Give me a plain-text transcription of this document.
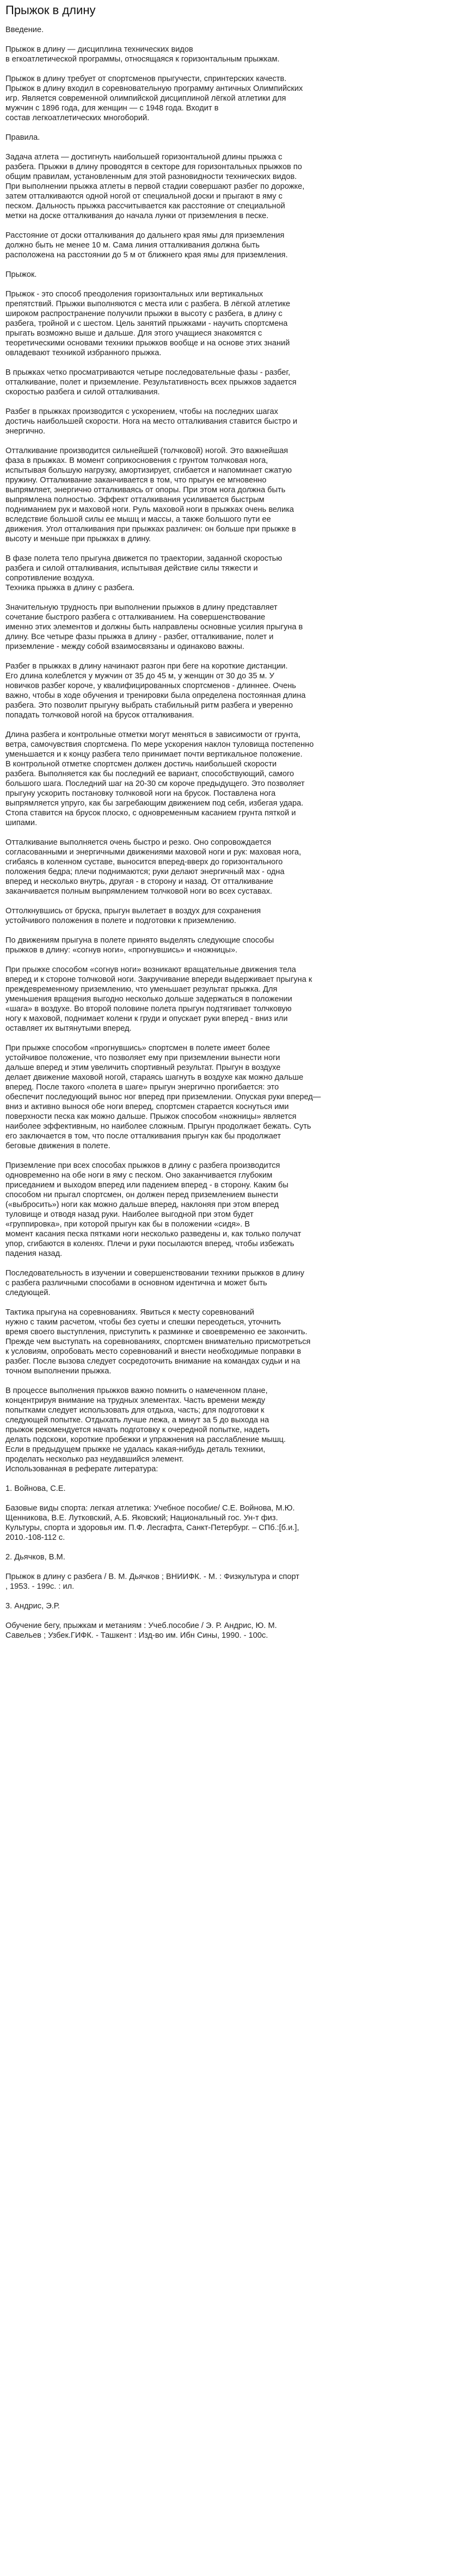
Прыжок в длину

Введение.

Прыжок в длину — дисциплина технических видов
в егкоатлетической программы, относящаяся к горизонтальным прыжкам.

Прыжок в длину требует от спортсменов прыгучести, спринтерских качеств.
Прыжок в длину входил в соревновательную программу античных Олимпийских
игр. Является современной олимпийской дисциплиной лёгкой атлетики для
мужчин с 1896 года, для женщин — с 1948 года. Входит в
состав легкоатлетических многоборий.

Правила.

Задача атлета — достигнуть наибольшей горизонтальной длины прыжка с
разбега. Прыжки в длину проводятся в секторе для горизонтальных прыжков по
общим правилам, установленным для этой разновидности технических видов.
При выполнении прыжка атлеты в первой стадии совершают разбег по дорожке,
затем отталкиваются одной ногой от специальной доски и прыгают в яму с
песком. Дальность прыжка рассчитывается как расстояние от специальной
метки на доске отталкивания до начала лунки от приземления в песке.

Расстояние от доски отталкивания до дальнего края ямы для приземления
должно быть не менее 10 м. Сама линия отталкивания должна быть
расположена на расстоянии до 5 м от ближнего края ямы для приземления.

Прыжок.

Прыжок - это способ преодоления горизонтальных или вертикальных
препятствий. Прыжки выполняются с места или с разбега. В лёгкой атлетике
широком распространение получили прыжки в высоту с разбега, в длину с
разбега, тройной и с шестом. Цель занятий прыжками - научить спортсмена
прыгать возможно выше и дальше. Для этого учащиеся знакомятся с
теоретическими основами техники прыжков вообще и на основе этих знаний
овладевают техникой избранного прыжка.

В прыжках четко просматриваются четыре последовательные фазы - разбег,
отталкивание, полет и приземление. Результативность всех прыжков задается
скоростью разбега и силой отталкивания.

Разбег в прыжках производится с ускорением, чтобы на последних шагах
достичь наибольшей скорости. Нога на место отталкивания ставится быстро и
энергично.

Отталкивание производится сильнейшей (толчковой) ногой. Это важнейшая
фаза в прыжках. В момент соприкосновения с грунтом толчковая нога,
испытывая большую нагрузку, амортизирует, сгибается и напоминает сжатую
пружину. Отталкивание заканчивается в том, что прыгун ее мгновенно
выпрямляет, энергично отталкиваясь от опоры. При этом нога должна быть
выпрямлена полностью. Эффект отталкивания усиливается быстрым
подниманием рук и маховой ноги. Руль маховой ноги в прыжках очень велика
вследствие большой силы ее мышц и массы, а также большого пути ее
движения. Угол отталкивания при прыжках различен: он больше при прыжке в
высоту и меньше при прыжках в длину.

В фазе полета тело прыгуна движется по траектории, заданной скоростью
разбега и силой отталкивания, испытывая действие силы тяжести и
сопротивление воздуха.
Техника прыжка в длину с разбега.

Значительную трудность при выполнении прыжков в длину представляет
сочетание быстрого разбега с отталкиванием. На совершенствование
именно этих элементов и должны быть направлены основные усилия прыгуна в
длину. Все четыре фазы прыжка в длину - разбег, отталкивание, полет и
приземление - между собой взаимосвязаны и одинаково важны.

Разбег в прыжках в длину начинают разгон при беге на короткие дистанции.
Его длина колеблется у мужчин от 35 до 45 м, у женщин от 30 до 35 м. У
новичков разбег короче, у квалифицированных спортсменов - длиннее. Очень
важно, чтобы в ходе обучения и тренировки была определена постоянная длина
разбега. Это позволит прыгуну выбрать стабильный ритм разбега и уверенно
попадать толчковой ногой на брусок отталкивания.

Длина разбега и контрольные отметки могут меняться в зависимости от грунта,
ветра, самочувствия спортсмена. По мере ускорения наклон туловища постепенно
уменьшается и к концу разбега тело принимает почти вертикальное положение.
В контрольной отметке спортсмен должен достичь наибольшей скорости
разбега. Выполняется как бы последний ее вариант, способствующий, самого
большого шага. Последний шаг на 20-30 см короче предыдущего. Это позволяет
прыгуну ускорить постановку толчковой ноги на брусок. Поставлена нога
выпрямляется упруго, как бы загребающим движением под себя, избегая удара.
Стопа ставится на брусок плоско, с одновременным касанием грунта пяткой и
шипами.

Отталкивание выполняется очень быстро и резко. Оно сопровождается
согласованными и энергичными движениями маховой ноги и рук: маховая нога,
сгибаясь в коленном суставе, выносится вперед-вверх до горизонтального
положения бедра; плечи поднимаются; руки делают энергичный мах - одна
вперед и несколько внутрь, другая - в сторону и назад. От отталкивание
заканчивается полным выпрямлением толчковой ноги во всех суставах.

Оттолкнувшись от бруска, прыгун вылетает в воздух для сохранения
устойчивого положения в полете и подготовки к приземлению.

По движениям прыгуна в полете принято выделять следующие способы
прыжков в длину: «согнув ноги», «прогнувшись» и «ножницы».

При прыжке способом «согнув ноги» возникают вращательные движения тела
вперед и к стороне толчковой ноги. Закручивание впереди выдерживает прыгуна к
преждевременному приземлению, что уменьшает результат прыжка. Для
уменьшения вращения выгодно несколько дольше задержаться в положении
«шага» в воздухе. Во второй половине полета прыгун подтягивает толчковую
ногу к маховой, поднимает колени к груди и опускает руки вперед - вниз или
оставляет их вытянутыми вперед.

При прыжке способом «прогнувшись» спортсмен в полете имеет более
устойчивое положение, что позволяет ему при приземлении вынести ноги
дальше вперед и этим увеличить спортивный результат. Прыгун в воздухе
делает движение маховой ногой, стараясь шагнуть в воздухе как можно дальше
вперед. После такого «полета в шаге» прыгун энергично прогибается: это
обеспечит последующий вынос ног вперед при приземлении. Опуская руки вперед—
вниз и активно вынося обе ноги вперед, спортсмен старается коснуться ими
поверхности песка как можно дальше. Прыжок способом «ножницы» является
наиболее эффективным, но наиболее сложным. Прыгун продолжает бежать. Суть
его заключается в том, что после отталкивания прыгун как бы продолжает
беговые движения в полете.

Приземление при всех способах прыжков в длину с разбега производится
одновременно на обе ноги в яму с песком. Оно заканчивается глубоким
приседанием и выходом вперед или падением вперед - в сторону. Каким бы
способом ни прыгал спортсмен, он должен перед приземлением вынести
(«выбросить») ноги как можно дальше вперед, наклоняя при этом вперед
туловище и отводя назад руки. Наиболее выгодной при этом будет
«группировка», при которой прыгун как бы в положении «сидя». В
момент касания песка пятками ноги несколько разведены и, как только получат
упор, сгибаются в коленях. Плечи и руки посылаются вперед, чтобы избежать
падения назад.

Последовательность в изучении и совершенствовании техники прыжков в длину
с разбега различными способами в основном идентична и может быть
следующей.

Тактика прыгуна на соревнованиях. Явиться к месту соревнований
нужно с таким расчетом, чтобы без суеты и спешки переодеться, уточнить
время своего выступления, приступить к разминке и своевременно ее закончить.
Прежде чем выступать на соревнованиях, спортсмен внимательно присмотреться
к условиям, опробовать место соревнований и внести необходимые поправки в
разбег. После вызова следует сосредоточить внимание на командах судьи и на
точном выполнении прыжка.

В процессе выполнения прыжков важно помнить о намеченном плане,
концентрируя внимание на трудных элементах. Часть времени между
попытками следует использовать для отдыха, часть; для подготовки к
следующей попытке. Отдыхать лучше лежа, а минут за 5 до выхода на
прыжок рекомендуется начать подготовку к очередной попытке, надеть
делать подскоки, короткие пробежки и упражнения на расслабление мышц.
Если в предыдущем прыжке не удалась какая-нибудь деталь техники,
проделать несколько раз неудавшийся элемент.
Использованная в реферате литература:

1. Войнова, С.Е.

Базовые виды спорта: легкая атлетика: Учебное пособие/ С.Е. Войнова, М.Ю.
Щенникова, В.Е. Лутковский, А.Б. Яковский; Национальный гос. Ун-т физ.
Культуры, спорта и здоровья им. П.Ф. Лесгафта, Санкт-Петербург. – СПб.:[б.и.],
2010.-108-112 с.

2. Дьячков, В.М.

Прыжок в длину с разбега / В. М. Дьячков ; ВНИИФК. - М. : Физкультура и спорт
, 1953. - 199с. : ил.

3. Андрис, Э.Р.

Обучение бегу, прыжкам и метаниям : Учеб.пособие / Э. Р. Андрис, Ю. М.
Савельев ; Узбек.ГИФК. - Ташкент : Изд-во им. Ибн Сины, 1990. - 100с.
